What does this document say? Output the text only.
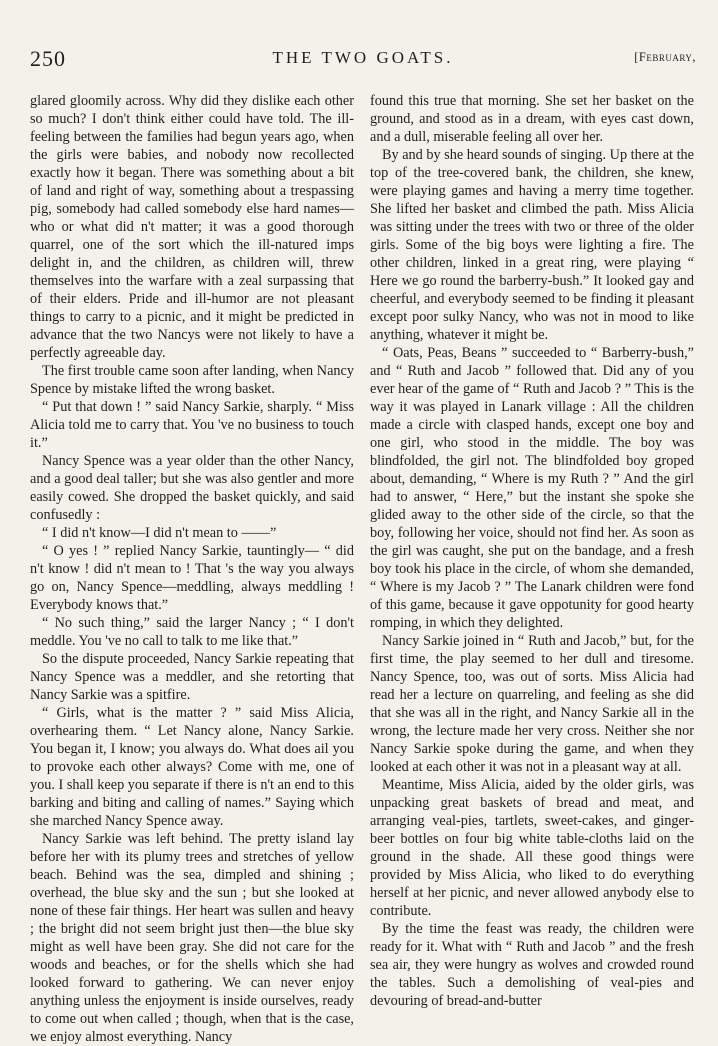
250	THE TWO GOATS.	[February,

glared gloomily across. Why did they dislike each other so much? I don't think either could have told. The ill-feeling between the families had begun years ago, when the girls were babies, and nobody now recollected exactly how it began. There was something about a bit of land and right of way, something about a trespassing pig, somebody had called somebody else hard names—who or what did n't matter; it was a good thorough quarrel, one of the sort which the ill-natured imps delight in, and the children, as children will, threw themselves into the warfare with a zeal surpassing that of their elders. Pride and ill-humor are not pleasant things to carry to a picnic, and it might be predicted in advance that the two Nancys were not likely to have a perfectly agreeable day.

The first trouble came soon after landing, when Nancy Spence by mistake lifted the wrong basket.

“ Put that down ! ” said Nancy Sarkie, sharply. “ Miss Alicia told me to carry that. You 've no business to touch it.”

Nancy Spence was a year older than the other Nancy, and a good deal taller; but she was also gentler and more easily cowed. She dropped the basket quickly, and said confusedly :

“ I did n't know—I did n't mean to ——”

“ O yes ! ” replied Nancy Sarkie, tauntingly— “ did n't know ! did n't mean to ! That 's the way you always go on, Nancy Spence—meddling, always meddling ! Everybody knows that.”

“ No such thing,” said the larger Nancy ; “ I don't meddle. You 've no call to talk to me like that.”

So the dispute proceeded, Nancy Sarkie repeating that Nancy Spence was a meddler, and she retorting that Nancy Sarkie was a spitfire.

“ Girls, what is the matter ? ” said Miss Alicia, overhearing them. “ Let Nancy alone, Nancy Sarkie. You began it, I know; you always do. What does ail you to provoke each other always? Come with me, one of you. I shall keep you separate if there is n't an end to this barking and biting and calling of names.” Saying which she marched Nancy Spence away.

Nancy Sarkie was left behind. The pretty island lay before her with its plumy trees and stretches of yellow beach. Behind was the sea, dimpled and shining ; overhead, the blue sky and the sun ; but she looked at none of these fair things. Her heart was sullen and heavy ; the bright did not seem bright just then—the blue sky might as well have been gray. She did not care for the woods and beaches, or for the shells which she had looked forward to gathering. We can never enjoy anything unless the enjoyment is inside ourselves, ready to come out when called ; though, when that is the case, we enjoy almost everything. Nancy

found this true that morning. She set her basket on the ground, and stood as in a dream, with eyes cast down, and a dull, miserable feeling all over her.

By and by she heard sounds of singing. Up there at the top of the tree-covered bank, the children, she knew, were playing games and having a merry time together. She lifted her basket and climbed the path. Miss Alicia was sitting under the trees with two or three of the older girls. Some of the big boys were lighting a fire. The other children, linked in a great ring, were playing “ Here we go round the barberry-bush.” It looked gay and cheerful, and everybody seemed to be finding it pleasant except poor sulky Nancy, who was not in mood to like anything, whatever it might be.

“ Oats, Peas, Beans ” succeeded to “ Barberry-bush,” and “ Ruth and Jacob ” followed that. Did any of you ever hear of the game of “ Ruth and Jacob ? ” This is the way it was played in Lanark village : All the children made a circle with clasped hands, except one boy and one girl, who stood in the middle. The boy was blindfolded, the girl not. The blindfolded boy groped about, demanding, “ Where is my Ruth ? ” And the girl had to answer, “ Here,” but the instant she spoke she glided away to the other side of the circle, so that the boy, following her voice, should not find her. As soon as the girl was caught, she put on the bandage, and a fresh boy took his place in the circle, of whom she demanded, “ Where is my Jacob ? ” The Lanark children were fond of this game, because it gave oppotunity for good hearty romping, in which they delighted.

Nancy Sarkie joined in “ Ruth and Jacob,” but, for the first time, the play seemed to her dull and tiresome. Nancy Spence, too, was out of sorts. Miss Alicia had read her a lecture on quarreling, and feeling as she did that she was all in the right, and Nancy Sarkie all in the wrong, the lecture made her very cross. Neither she nor Nancy Sarkie spoke during the game, and when they looked at each other it was not in a pleasant way at all.

Meantime, Miss Alicia, aided by the older girls, was unpacking great baskets of bread and meat, and arranging veal-pies, tartlets, sweet-cakes, and ginger-beer bottles on four big white table-cloths laid on the ground in the shade. All these good things were provided by Miss Alicia, who liked to do everything herself at her picnic, and never allowed anybody else to contribute.

By the time the feast was ready, the children were ready for it. What with “ Ruth and Jacob ” and the fresh sea air, they were hungry as wolves and crowded round the tables. Such a demolishing of veal-pies and devouring of bread-and-butter
